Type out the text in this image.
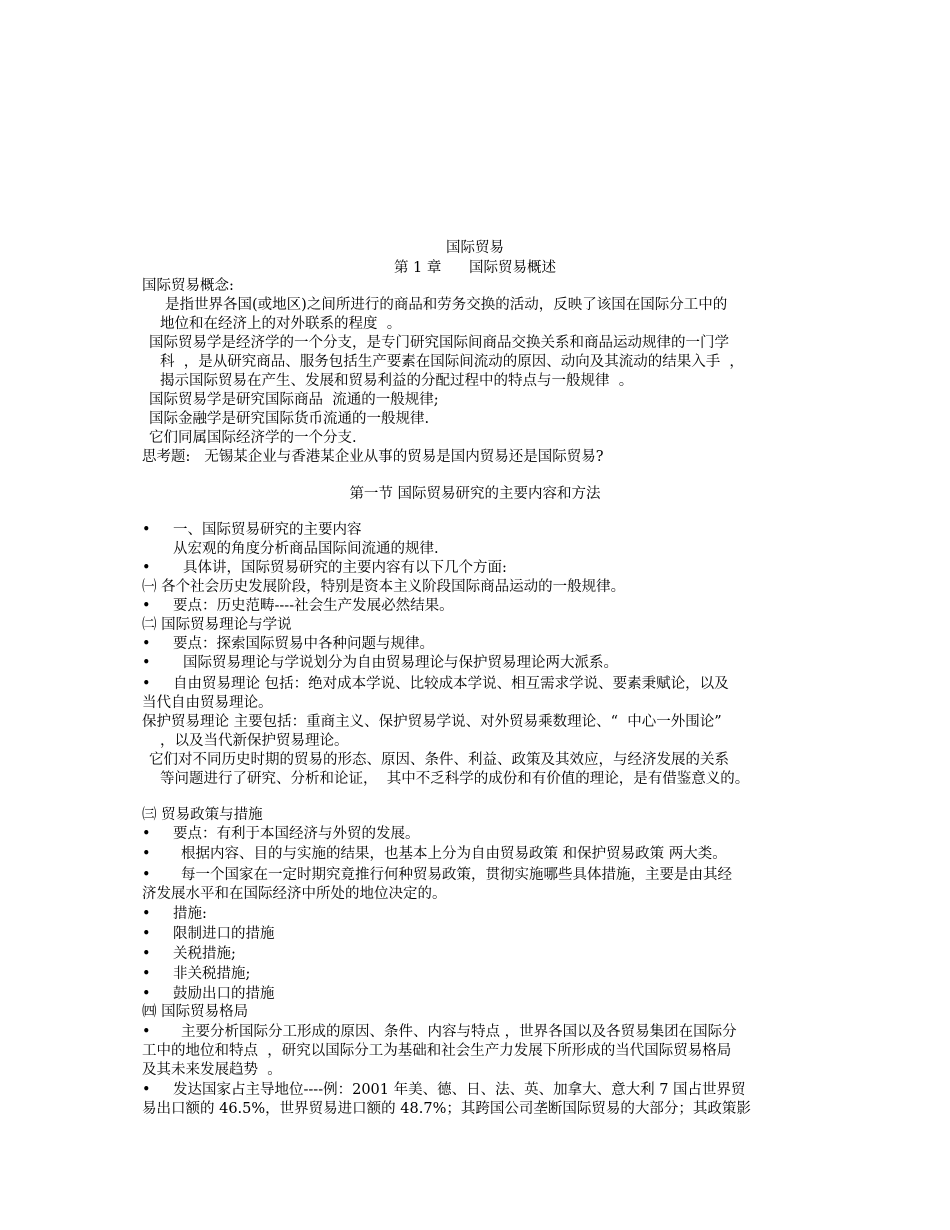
国际贸易
第 1 章      国际贸易概述
国际贸易概念:
是指世界各国(或地区)之间所进行的商品和劳务交换的活动，反映了该国在国际分工中的
地位和在经济上的对外联系的程度  。
国际贸易学是经济学的一个分支，是专门研究国际间商品交换关系和商品运动规律的一门学
科  ，是从研究商品、服务包括生产要素在国际间流动的原因、动向及其流动的结果入手  ，
揭示国际贸易在产生、发展和贸易利益的分配过程中的特点与一般规律  。
国际贸易学是研究国际商品  流通的一般规律;
国际金融学是研究国际货币流通的一般规律.
它们同属国际经济学的一个分支.
思考题:   无锡某企业与香港某企业从事的贸易是国内贸易还是国际贸易?
第一节 国际贸易研究的主要内容和方法
• 一、国际贸易研究的主要内容
从宏观的角度分析商品国际间流通的规律.
• 具体讲，国际贸易研究的主要内容有以下几个方面:
㈠ 各个社会历史发展阶段，特别是资本主义阶段国际商品运动的一般规律。
• 要点：历史范畴----社会生产发展必然结果。
㈡ 国际贸易理论与学说
• 要点：探索国际贸易中各种问题与规律。
• 国际贸易理论与学说划分为自由贸易理论与保护贸易理论两大派系。
• 自由贸易理论 包括：绝对成本学说、比较成本学说、相互需求学说、要素秉赋论，以及
当代自由贸易理论。
保护贸易理论 主要包括：重商主义、保护贸易学说、对外贸易乘数理论、“  中心一外围论”
，以及当代新保护贸易理论。
它们对不同历史时期的贸易的形态、原因、条件、利益、政策及其效应，与经济发展的关系
等问题进行了研究、分析和论证，  其中不乏科学的成份和有价值的理论，是有借鉴意义的。
㈢ 贸易政策与措施
• 要点：有利于本国经济与外贸的发展。
• 根据内容、目的与实施的结果，也基本上分为自由贸易政策 和保护贸易政策 两大类。
• 每一个国家在一定时期究竟推行何种贸易政策，贯彻实施哪些具体措施，主要是由其经
济发展水平和在国际经济中所处的地位决定的。
• 措施:
• 限制进口的措施
• 关税措施;
• 非关税措施;
• 鼓励出口的措施
㈣ 国际贸易格局
• 主要分析国际分工形成的原因、条件、内容与特点 ，世界各国以及各贸易集团在国际分
工中的地位和特点  ，研究以国际分工为基础和社会生产力发展下所形成的当代国际贸易格局
及其未来发展趋势  。
• 发达国家占主导地位----例：2001 年美、德、日、法、英、加拿大、意大利 7 国占世界贸
易出口额的 46.5%，世界贸易进口额的 48.7%；其跨国公司垄断国际贸易的大部分；其政策影
